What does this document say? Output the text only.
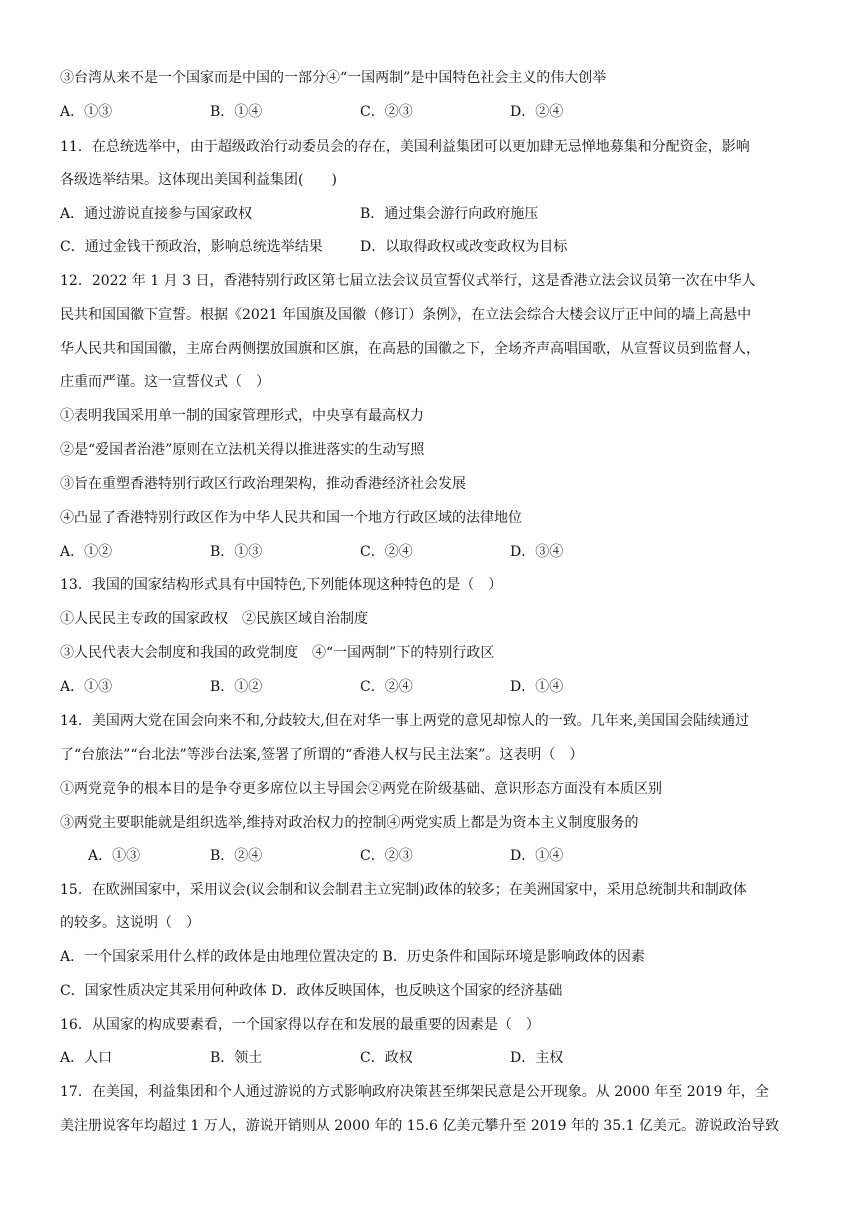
③台湾从来不是一个国家而是中国的一部分④“一国两制”是中国特色社会主义的伟大创举
A．①③	B．①④	C．②③	D．②④
11．在总统选举中，由于超级政治行动委员会的存在，美国利益集团可以更加肆无忌惮地募集和分配资金，影响
各级选举结果。这体现出美国利益集团(　　)
A．通过游说直接参与国家政权	B．通过集会游行向政府施压
C．通过金钱干预政治，影响总统选举结果	D．以取得政权或改变政权为目标
12．2022 年 1 月 3 日，香港特别行政区第七届立法会议员宣誓仪式举行，这是香港立法会议员第一次在中华人
民共和国国徽下宣誓。根据《2021 年国旗及国徽（修订）条例》，在立法会综合大楼会议厅正中间的墙上高悬中
华人民共和国国徽，主席台两侧摆放国旗和区旗，在高悬的国徽之下，全场齐声高唱国歌，从宣誓议员到监督人，
庄重而严谨。这一宣誓仪式（　）
①表明我国采用单一制的国家管理形式，中央享有最高权力
②是“爱国者治港”原则在立法机关得以推进落实的生动写照
③旨在重塑香港特别行政区行政治理架构，推动香港经济社会发展
④凸显了香港特别行政区作为中华人民共和国一个地方行政区域的法律地位
A．①②	B．①③	C．②④	D．③④
13．我国的国家结构形式具有中国特色,下列能体现这种特色的是（　）
①人民民主专政的国家政权　②民族区域自治制度
③人民代表大会制度和我国的政党制度　④“一国两制”下的特别行政区
A．①③	B．①②	C．②④	D．①④
14．美国两大党在国会向来不和,分歧较大,但在对华一事上两党的意见却惊人的一致。几年来,美国国会陆续通过
了“台旅法”“台北法”等涉台法案,签署了所谓的“香港人权与民主法案”。这表明（　）
①两党竞争的根本目的是争夺更多席位以主导国会②两党在阶级基础、意识形态方面没有本质区别
③两党主要职能就是组织选举,维持对政治权力的控制④两党实质上都是为资本主义制度服务的
A．①③	B．②④	C．②③	D．①④
15．在欧洲国家中，采用议会(议会制和议会制君主立宪制)政体的较多；在美洲国家中，采用总统制共和制政体
的较多。这说明（　）
A．一个国家采用什么样的政体是由地理位置决定的 B．历史条件和国际环境是影响政体的因素
C．国家性质决定其采用何种政体 D．政体反映国体，也反映这个国家的经济基础
16．从国家的构成要素看，一个国家得以存在和发展的最重要的因素是（　）
A．人口	B．领土	C．政权	D．主权
17．在美国，利益集团和个人通过游说的方式影响政府决策甚至绑架民意是公开现象。从 2000 年至 2019 年，全
美注册说客年均超过 1 万人，游说开销则从 2000 年的 15.6 亿美元攀升至 2019 年的 35.1 亿美元。游说政治导致
